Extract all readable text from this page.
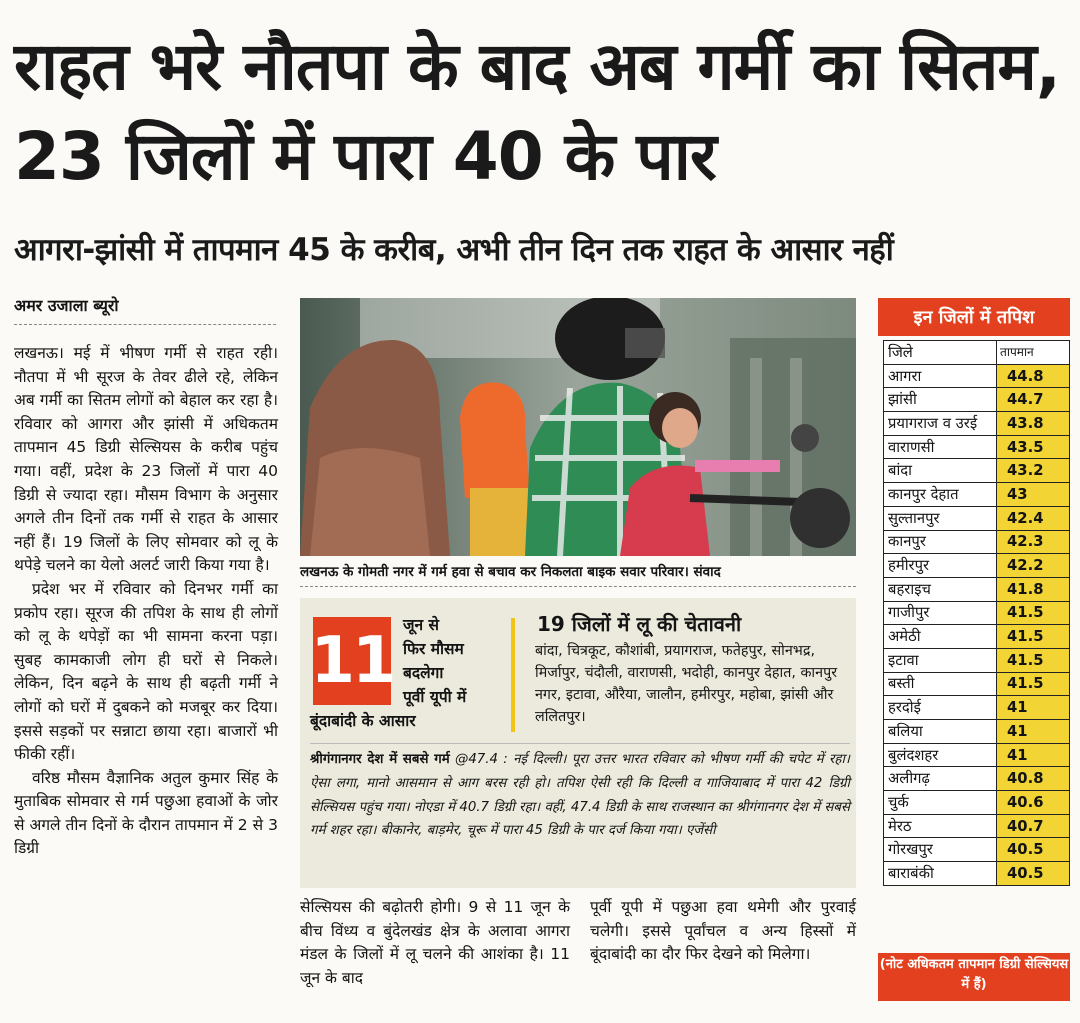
राहत भरे नौतपा के बाद अब गर्मी का सितम, 23 जिलों में पारा 40 के पार
आगरा-झांसी में तापमान 45 के करीब, अभी तीन दिन तक राहत के आसार नहीं
अमर उजाला ब्यूरो

लखनऊ। मई में भीषण गर्मी से राहत रही। नौतपा में भी सूरज के तेवर ढीले रहे, लेकिन अब गर्मी का सितम लोगों को बेहाल कर रहा है। रविवार को आगरा और झांसी में अधिकतम तापमान 45 डिग्री सेल्सियस के करीब पहुंच गया। वहीं, प्रदेश के 23 जिलों में पारा 40 डिग्री से ज्यादा रहा। मौसम विभाग के अनुसार अगले तीन दिनों तक गर्मी से राहत के आसार नहीं हैं। 19 जिलों के लिए सोमवार को लू के थपेड़े चलने का येलो अलर्ट जारी किया गया है।

प्रदेश भर में रविवार को दिनभर गर्मी का प्रकोप रहा। सूरज की तपिश के साथ ही लोगों को लू के थपेड़ों का भी सामना करना पड़ा। सुबह कामकाजी लोग ही घरों से निकले। लेकिन, दिन बढ़ने के साथ ही बढ़ती गर्मी ने लोगों को घरों में दुबकने को मजबूर कर दिया। इससे सड़कों पर सन्नाटा छाया रहा। बाजारों भी फीकी रहीं।

वरिष्ठ मौसम वैज्ञानिक अतुल कुमार सिंह के मुताबिक सोमवार से गर्म पछुआ हवाओं के जोर से अगले तीन दिनों के दौरान तापमान में 2 से 3 डिग्री

लखनऊ के गोमती नगर में गर्म हवा से बचाव कर निकलता बाइक सवार परिवार। संवाद
11 जून से
फिर मौसम
बदलेगा
पूर्वी यूपी में
बूंदाबांदी के आसार
19 जिलों में लू की चेतावनी
बांदा, चित्रकूट, कौशांबी, प्रयागराज, फतेहपुर, सोनभद्र, मिर्जापुर, चंदौली, वाराणसी, भदोही, कानपुर देहात, कानपुर नगर, इटावा, औरैया, जालौन, हमीरपुर, महोबा, झांसी और ललितपुर।
श्रीगंगानगर देश में सबसे गर्म @47.4 : नई दिल्ली। पूरा उत्तर भारत रविवार को भीषण गर्मी की चपेट में रहा। ऐसा लगा, मानो आसमान से आग बरस रही हो। तपिश ऐसी रही कि दिल्ली व गाजियाबाद में पारा 42 डिग्री सेल्सियस पहुंच गया। नोएडा में 40.7 डिग्री रहा। वहीं, 47.4 डिग्री के साथ राजस्थान का श्रीगंगानगर देश में सबसे गर्म शहर रहा। बीकानेर, बाड़मेर, चूरू में पारा 45 डिग्री के पार दर्ज किया गया। एजेंसी

सेल्सियस की बढ़ोतरी होगी। 9 से 11 जून के बीच विंध्य व बुंदेलखंड क्षेत्र के अलावा आगरा मंडल के जिलों में लू चलने की आशंका है। 11 जून के बाद

पूर्वी यूपी में पछुआ हवा थमेगी और पुरवाई चलेगी। इससे पूर्वांचल व अन्य हिस्सों में बूंदाबांदी का दौर फिर देखने को मिलेगा।

इन जिलों में तपिश
जिले	तापमान
आगरा	44.8
झांसी	44.7
प्रयागराज व उरई	43.8
वाराणसी	43.5
बांदा	43.2
कानपुर देहात	43
सुल्तानपुर	42.4
कानपुर	42.3
हमीरपुर	42.2
बहराइच	41.8
गाजीपुर	41.5
अमेठी	41.5
इटावा	41.5
बस्ती	41.5
हरदोई	41
बलिया	41
बुलंदशहर	41
अलीगढ़	40.8
चुर्क	40.6
मेरठ	40.7
गोरखपुर	40.5
बाराबंकी	40.5
(नोट अधिकतम तापमान डिग्री सेल्सियस में हैं)
